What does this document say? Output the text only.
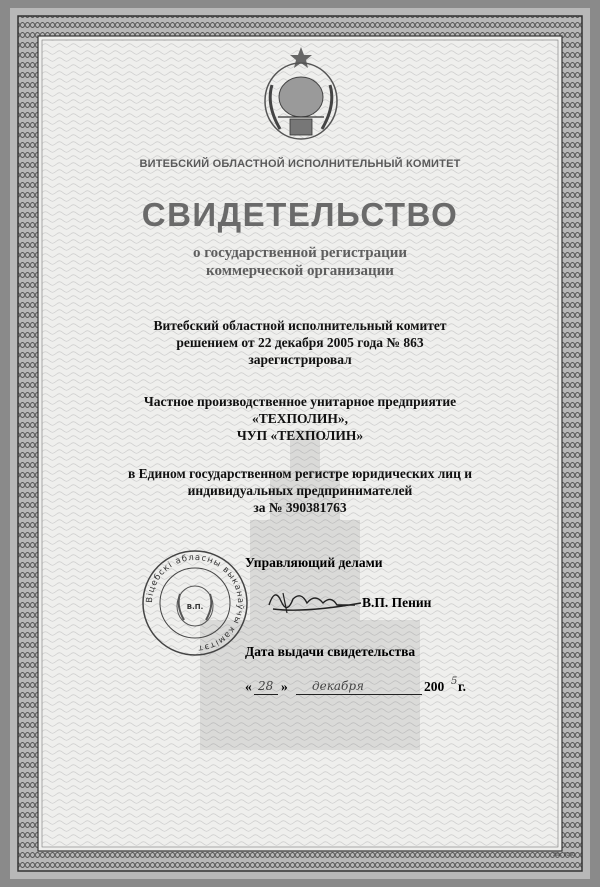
ВИТЕБСКИЙ ОБЛАСТНОЙ ИСПОЛНИТЕЛЬНЫЙ КОМИТЕТ
СВИДЕТЕЛЬСТВО
о государственной регистрации
коммерческой организации
Витебский областной исполнительный комитет
решением от 22 декабря 2005 года № 863
зарегистрировал
Частное производственное унитарное предприятие
«ТЕХПОЛИН»,
ЧУП «ТЕХПОЛИН»
в Едином государственном регистре юридических лиц и
индивидуальных предпринимателей
за № 390381763
Віцебскі абласны выканаўчы камітэт
В.П.
Управляющий делами
В.П. Пенин
Дата выдачи свидетельства
« 28 » декабря	200 5 г.
Зак. 8150
